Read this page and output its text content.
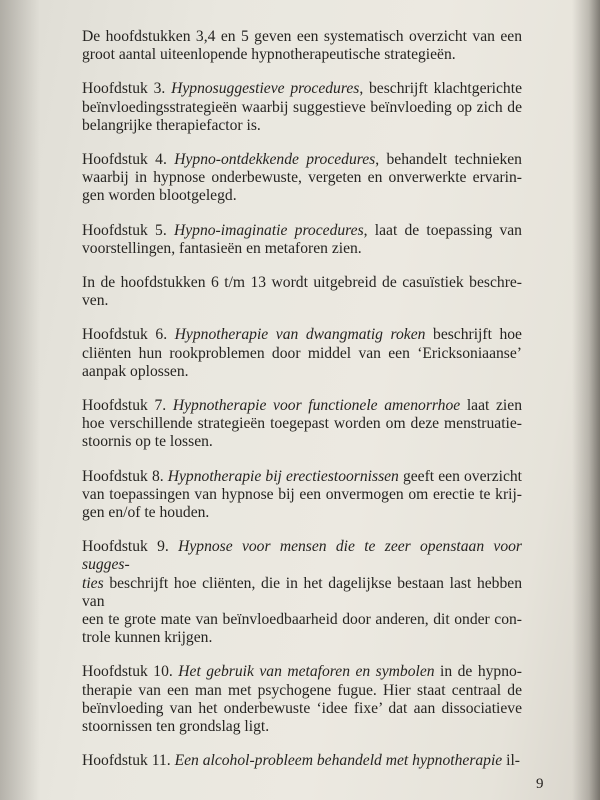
De hoofdstukken 3,4 en 5 geven een systematisch overzicht van een
groot aantal uiteenlopende hypnotherapeutische strategieën.

Hoofdstuk 3. Hypnosuggestieve procedures, beschrijft klachtgerichte
beïnvloedingsstrategieën waarbij suggestieve beïnvloeding op zich de
belangrijke therapiefactor is.

Hoofdstuk 4. Hypno-ontdekkende procedures, behandelt technieken
waarbij in hypnose onderbewuste, vergeten en onverwerkte ervarin-
gen worden blootgelegd.

Hoofdstuk 5. Hypno-imaginatie procedures, laat de toepassing van
voorstellingen, fantasieën en metaforen zien.

In de hoofdstukken 6 t/m 13 wordt uitgebreid de casuïstiek beschre-
ven.

Hoofdstuk 6. Hypnotherapie van dwangmatig roken beschrijft hoe
cliënten hun rookproblemen door middel van een ‘Ericksoniaanse’
aanpak oplossen.

Hoofdstuk 7. Hypnotherapie voor functionele amenorrhoe laat zien
hoe verschillende strategieën toegepast worden om deze menstruatie-
stoornis op te lossen.

Hoofdstuk 8. Hypnotherapie bij erectiestoornissen geeft een overzicht
van toepassingen van hypnose bij een onvermogen om erectie te krij-
gen en/of te houden.

Hoofdstuk 9. Hypnose voor mensen die te zeer openstaan voor sugges-
ties beschrijft hoe cliënten, die in het dagelijkse bestaan last hebben van
een te grote mate van beïnvloedbaarheid door anderen, dit onder con-
trole kunnen krijgen.

Hoofdstuk 10. Het gebruik van metaforen en symbolen in de hypno-
therapie van een man met psychogene fugue. Hier staat centraal de
beïnvloeding van het onderbewuste ‘idee fixe’ dat aan dissociatieve
stoornissen ten grondslag ligt.

Hoofdstuk 11. Een alcohol-probleem behandeld met hypnotherapie il-

9
